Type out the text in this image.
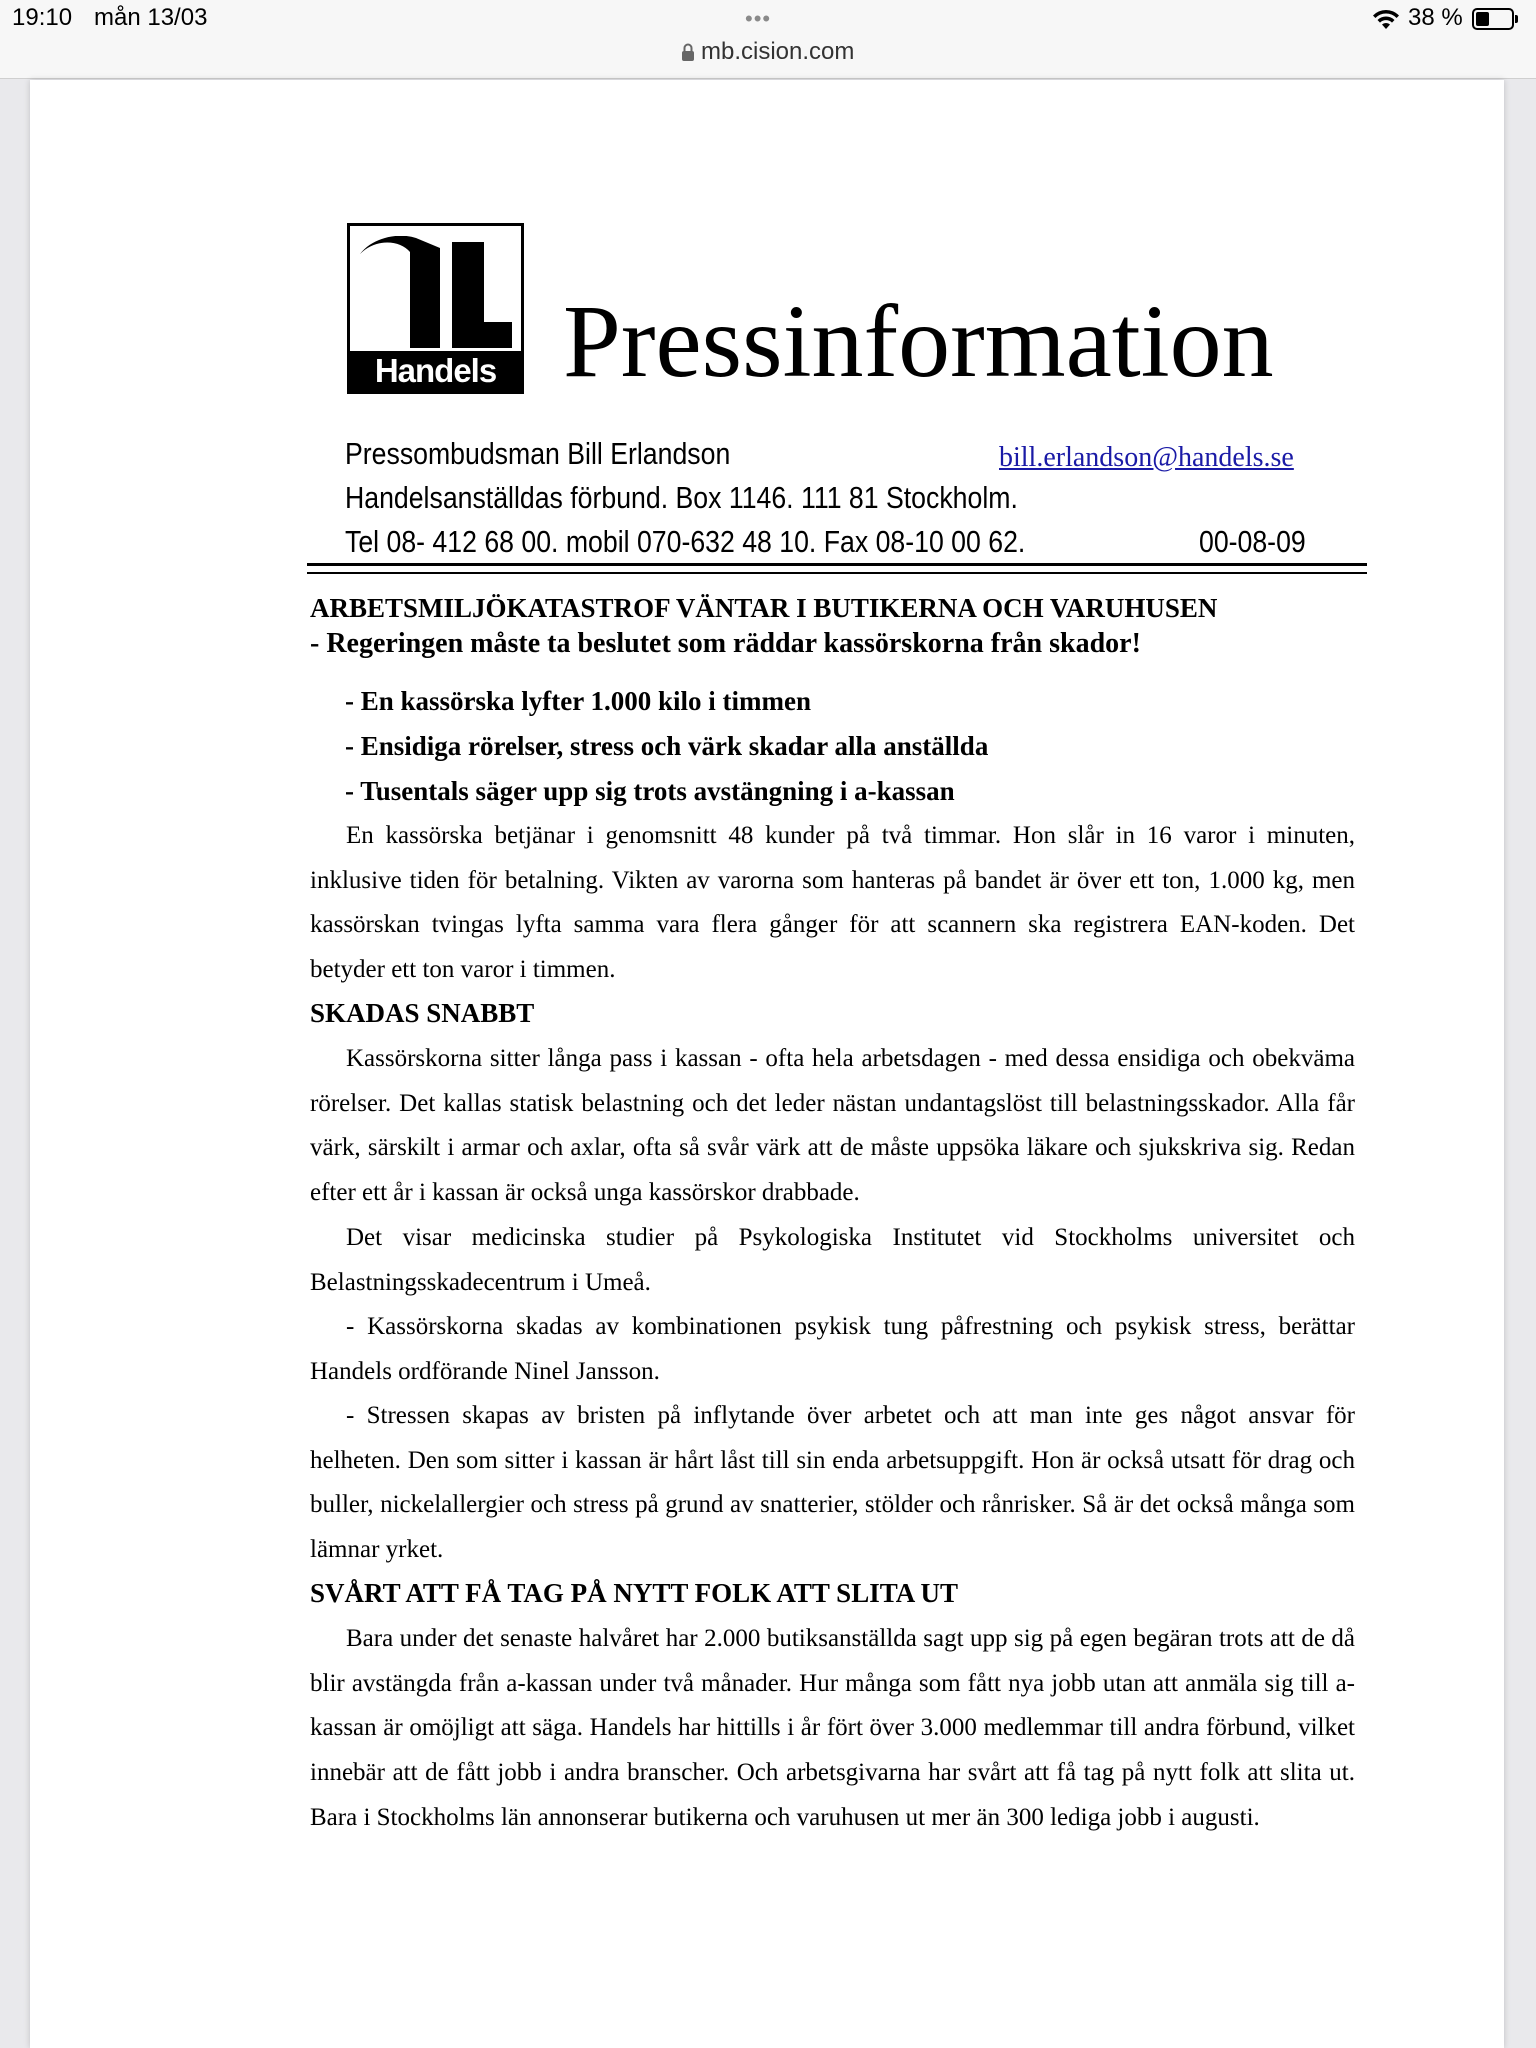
19:10 mån 13/03	•••	38 %
mb.cision.com
Handels Pressinformation
Pressombudsman Bill Erlandson	bill.erlandson@handels.se
Handelsanställdas förbund. Box 1146. 111 81 Stockholm.
Tel 08- 412 68 00. mobil 070-632 48 10. Fax 08-10 00 62.	00-08-09
ARBETSMILJÖKATASTROF VÄNTAR I BUTIKERNA OCH VARUHUSEN
- Regeringen måste ta beslutet som räddar kassörskorna från skador!
- En kassörska lyfter 1.000 kilo i timmen
- Ensidiga rörelser, stress och värk skadar alla anställda
- Tusentals säger upp sig trots avstängning i a-kassan

En kassörska betjänar i genomsnitt 48 kunder på två timmar. Hon slår in 16 varor i minuten, inklusive tiden för betalning. Vikten av varorna som hanteras på bandet är över ett ton, 1.000 kg, men kassörskan tvingas lyfta samma vara flera gånger för att scannern ska registrera EAN-koden. Det betyder ett ton varor i timmen.

SKADAS SNABBT

Kassörskorna sitter långa pass i kassan - ofta hela arbetsdagen - med dessa ensidiga och obekväma rörelser. Det kallas statisk belastning och det leder nästan undantagslöst till belastningsskador. Alla får värk, särskilt i armar och axlar, ofta så svår värk att de måste uppsöka läkare och sjukskriva sig. Redan efter ett år i kassan är också unga kassörskor drabbade.

Det visar medicinska studier på Psykologiska Institutet vid Stockholms universitet och Belastningsskadecentrum i Umeå.

- Kassörskorna skadas av kombinationen psykisk tung påfrestning och psykisk stress, berättar Handels ordförande Ninel Jansson.

- Stressen skapas av bristen på inflytande över arbetet och att man inte ges något ansvar för helheten. Den som sitter i kassan är hårt låst till sin enda arbetsuppgift. Hon är också utsatt för drag och buller, nickelallergier och stress på grund av snatterier, stölder och rånrisker. Så är det också många som lämnar yrket.

SVÅRT ATT FÅ TAG PÅ NYTT FOLK ATT SLITA UT

Bara under det senaste halvåret har 2.000 butiksanställda sagt upp sig på egen begäran trots att de då blir avstängda från a-kassan under två månader. Hur många som fått nya jobb utan att anmäla sig till a-kassan är omöjligt att säga. Handels har hittills i år fört över 3.000 medlemmar till andra förbund, vilket innebär att de fått jobb i andra branscher. Och arbetsgivarna har svårt att få tag på nytt folk att slita ut. Bara i Stockholms län annonserar butikerna och varuhusen ut mer än 300 lediga jobb i augusti.
